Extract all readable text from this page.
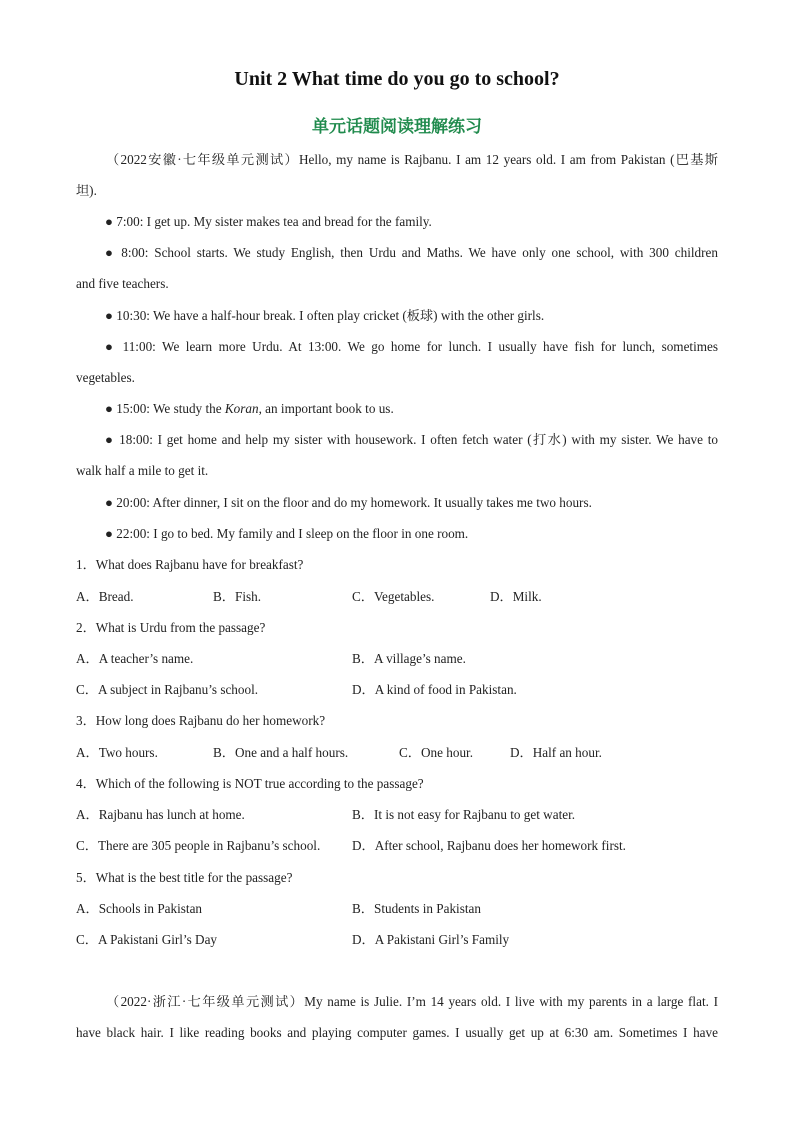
Unit 2 What time do you go to school?
单元话题阅读理解练习
（2022安徽·七年级单元测试）Hello, my name is Rajbanu. I am 12 years old. I am from Pakistan (巴基斯
坦).
● 7:00: I get up. My sister makes tea and bread for the family.
● 8:00: School starts. We study English, then Urdu and Maths. We have only one school, with 300 children
and five teachers.
● 10:30: We have a half-hour break. I often play cricket (板球) with the other girls.
● 11:00: We learn more Urdu. At 13:00. We go home for lunch. I usually have fish for lunch, sometimes
vegetables.
● 15:00: We study the Koran, an important book to us.
● 18:00: I get home and help my sister with housework. I often fetch water (打水) with my sister. We have to
walk half a mile to get it.
● 20:00: After dinner, I sit on the floor and do my homework. It usually takes me two hours.
● 22:00: I go to bed. My family and I sleep on the floor in one room.
1．What does Rajbanu have for breakfast?
A．Bread.	B．Fish.	C．Vegetables.	D．Milk.
2．What is Urdu from the passage?
A．A teacher’s name.	B．A village’s name.
C．A subject in Rajbanu’s school.	D．A kind of food in Pakistan.
3．How long does Rajbanu do her homework?
A．Two hours.	B．One and a half hours.	C．One hour.	D．Half an hour.
4．Which of the following is NOT true according to the passage?
A．Rajbanu has lunch at home.	B．It is not easy for Rajbanu to get water.
C．There are 305 people in Rajbanu’s school. D．After school, Rajbanu does her homework first.
5．What is the best title for the passage?
A．Schools in Pakistan	B．Students in Pakistan
C．A Pakistani Girl’s Day	D．A Pakistani Girl’s Family
（2022·浙江·七年级单元测试）My name is Julie. I’m 14 years old. I live with my parents in a large flat. I
have black hair. I like reading books and playing computer games. I usually get up at 6:30 am. Sometimes I have
